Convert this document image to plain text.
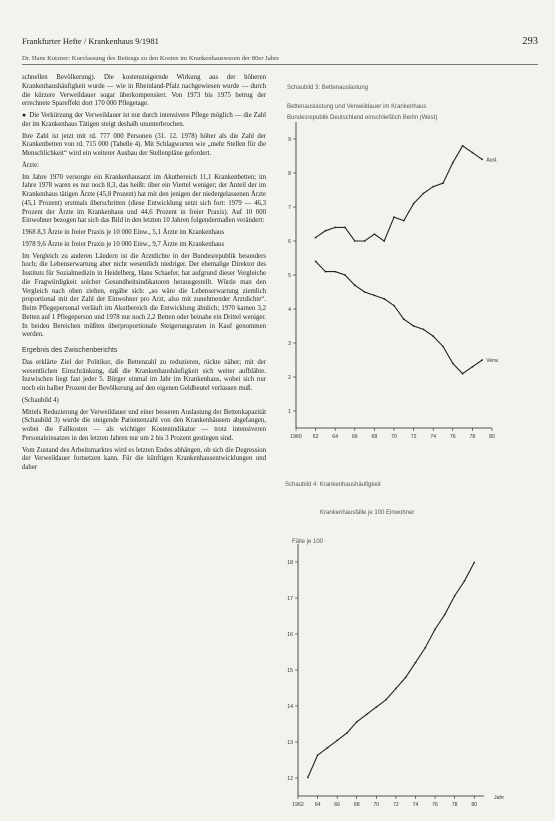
Frankfurter Hefte / Krankenhaus 9/1981	293
Dr. Hans Kutzner: Kurzfassung des Beitrags zu den Kosten im Krankenhauswesen der 80er Jahre

schnellen Bevölkerung). Die kostensteigernde Wirkung aus der höheren Krankenhaushäufigkeit wurde — wie in Rheinland-Pfalz nachgewiesen wurde — durch die kürzere Verweildauer sogar überkompensiert. Von 1973 bis 1975 betrug der errechnete Spareffekt dort 170 000 Pflegetage.

● Die Verkürzung der Verweildauer ist nur durch intensivere Pflege möglich — die Zahl der im Krankenhaus Tätigen steigt deshalb ununterbrochen.

Ihre Zahl ist jetzt mit rd. 777 000 Personen (31. 12. 1978) höher als die Zahl der Krankenbetten von rd. 715 000 (Tabelle 4). Mit Schlagworten wie „mehr Stellen für die Menschlichkeit“ wird ein weiterer Ausbau der Stellenpläne gefordert.

Ärzte:

Im Jahre 1970 versorgte ein Krankenhausarzt im Akutbereich 11,1 Krankenbetten; im Jahre 1978 waren es nur noch 8,3, das heißt: über ein Viertel weniger; der Anteil der im Krankenhaus tätigen Ärzte (45,8 Prozent) hat mit den jenigen der niedergelassenen Ärzte (45,1 Prozent) erstmals überschritten (diese Entwicklung setzt sich fort: 1979 — 46,3 Prozent der Ärzte im Krankenhaus und 44,6 Prozent in freier Praxis). Auf 10 000 Einwohner bezogen hat sich das Bild in den letzten 10 Jahren folgendermaßen verändert:

1968 8,3 Ärzte in freier Praxis je 10 000 Einw., 5,1 Ärzte im Krankenhaus

1978 9,6 Ärzte in freier Praxis je 10 000 Einw., 9,7 Ärzte im Krankenhaus

Im Vergleich zu anderen Ländern ist die Arztdichte in der Bundesrepublik besonders hoch; die Lebenserwartung aber nicht wesentlich niedriger. Der ehemalige Direktor des Instituts für Sozialmedizin in Heidelberg, Hans Schaefer, hat aufgrund dieser Vergleiche die Fragwürdigkeit solcher Gesundheitsindikatoren herausgestellt. Würde man den Vergleich nach oben ziehen, ergäbe sich: „so wäre die Lebenserwartung ziemlich proportional mit der Zahl der Einwohner pro Arzt, also mit zunehmender Arztdichte“. Beim Pflegepersonal verläuft im Akutbereich die Entwicklung ähnlich; 1970 kamen 3,2 Betten auf 1 Pflegeperson und 1978 nur noch 2,2 Betten oder beinahe ein Drittel weniger. In beiden Bereichen müßten überproportionale Steigerungsraten in Kauf genommen werden.

Ergebnis des Zwischenberichts

Das erklärte Ziel der Politiker, die Bettenzahl zu reduzieren, rückte näher; mit der wesentlichen Einschränkung, daß die Krankenhaushäufigkeit sich weiter aufblähte. Inzwischen liegt fast jeder 5. Bürger einmal im Jahr im Krankenhaus, wobei sich nur noch ein halber Prozent der Bevölkerung auf den eigenen Geldbeutel verlassen muß.

(Schaubild 4)

Mittels Reduzierung der Verweildauer und einer besseren Auslastung der Bettenkapazität (Schaubild 3) wurde die steigende Patientenzahl von den Krankenhäusern abgefangen, wobei die Fallkosten — als wichtiger Kostenindikator — trotz intensiveren Personaleinsatzes in den letzten Jahren nur um 2 bis 3 Prozent gestiegen sind.

Vom Zustand des Arbeitsmarktes wird es letzten Endes abhängen, ob sich die Degression der Verweildauer fortsetzen kann. Für die künftigen Krankenhausentwicklungen und daher

Schaubild 3: Bettenauslastung
Bettenauslastung und Verweildauer im Krankenhaus
Bundesrepublik Deutschland einschließlich Berlin (West)
9
8
7
6
5
4
3
2
1
1960 62	64	66	68	70	72	74	76	78	80
Ausl.
Verw.
Schaubild 4: Krankenhaushäufigkeit
Krankenhausfälle je 100 Einwohner
Fälle je 100
18
17
16
15
14
13
12
1962 64	66	68	70	72	74	76	78	80
Jahr
